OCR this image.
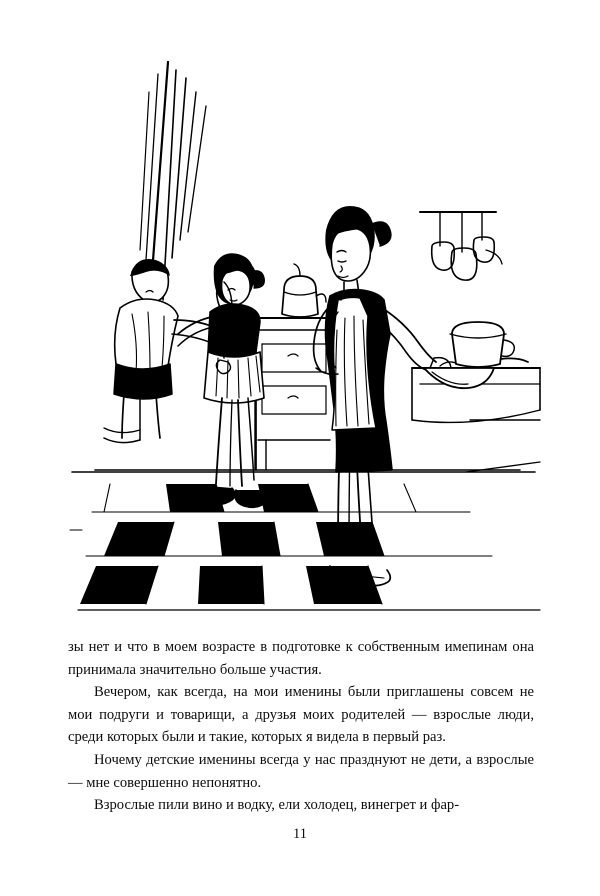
зы нет и что в моем возрасте в подготовке к собственным имепинам она принимала значительно больше участия.

Вечером, как всегда, на мои именины были приглашены совсем не мои подруги и товарищи, а друзья моих родителей — взрослые люди, среди которых были и такие, которых я видела в первый раз.

Ночему детские именины всегда у нас празднуют не дети, а взрослые — мне совершенно непонятно.

Взрослые пили вино и водку, ели холодец, винегрет и фар-

11
